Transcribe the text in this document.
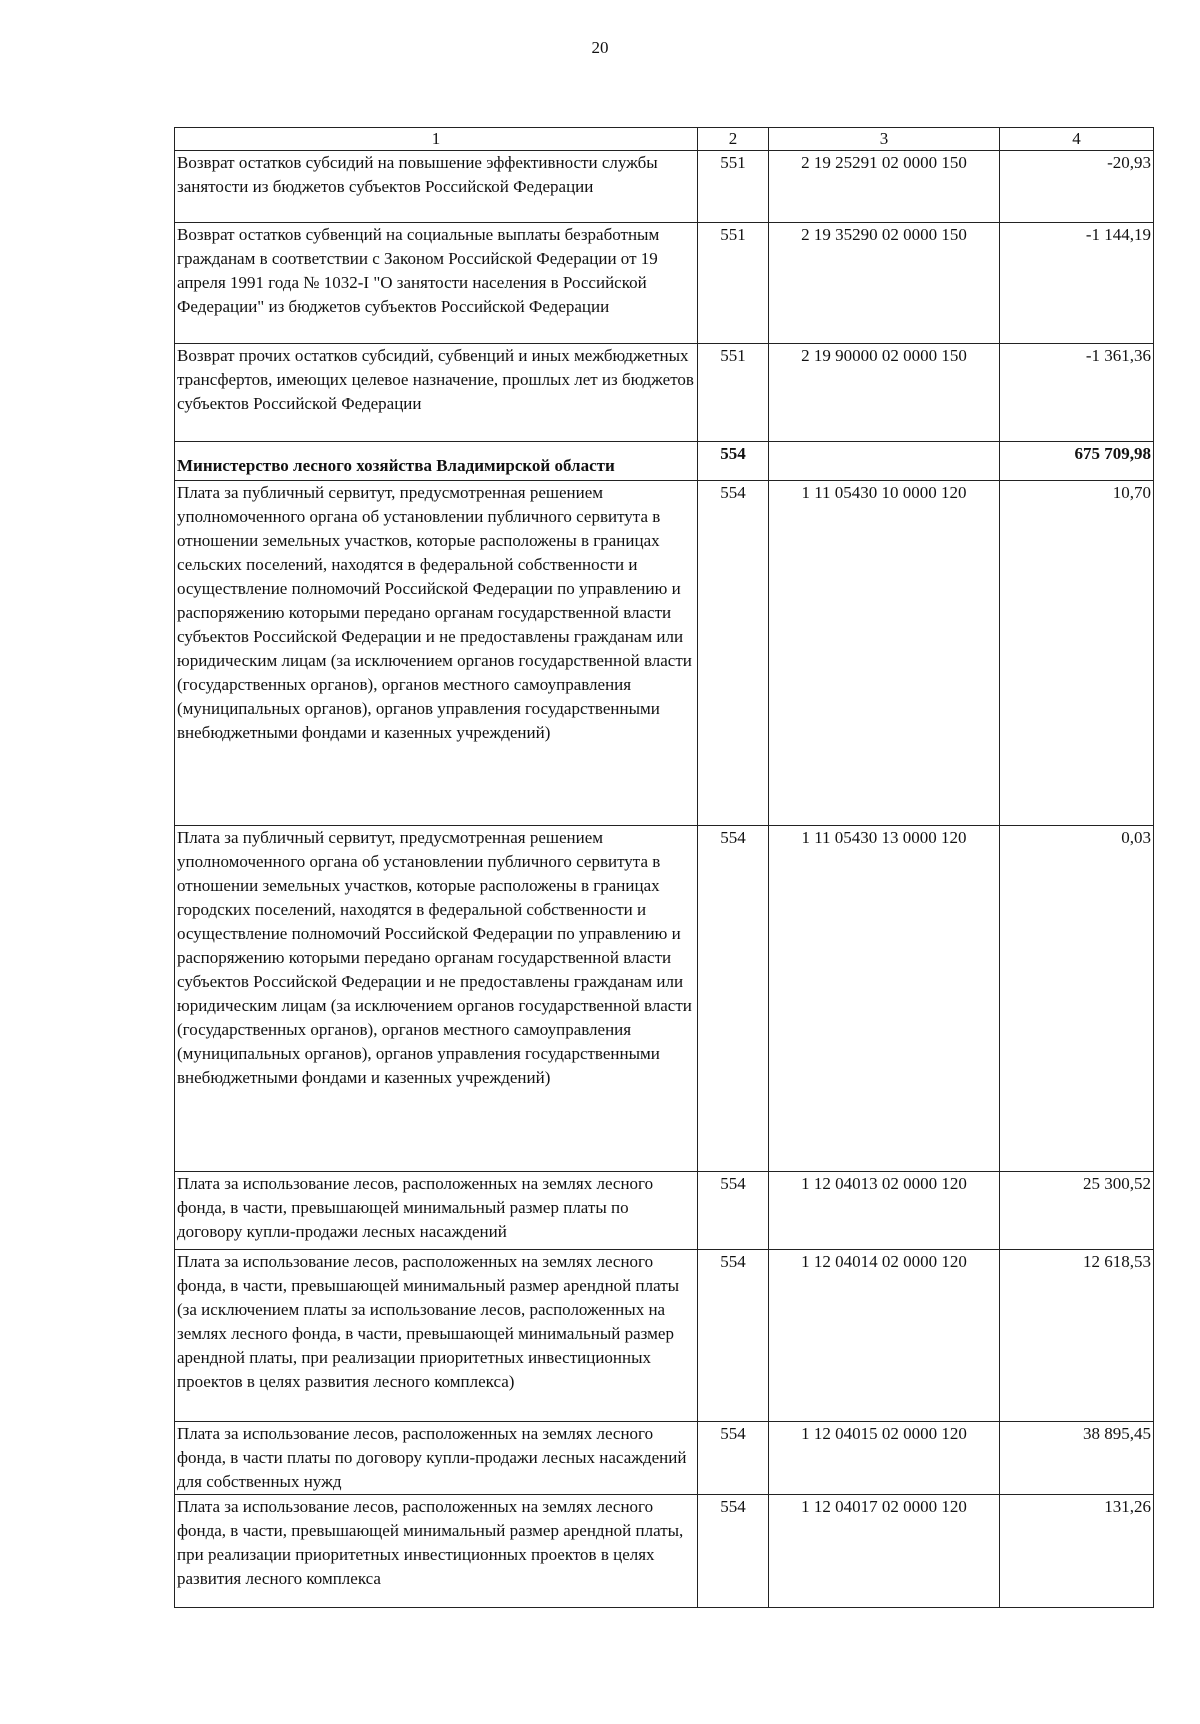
20
1	2	3	4
Возврат остатков субсидий на повышение эффективности службы занятости из бюджетов субъектов Российской Федерации	551	2 19 25291 02 0000 150	-20,93
Возврат остатков субвенций на социальные выплаты безработным гражданам в соответствии с Законом Российской Федерации от 19 апреля 1991 года № 1032-I "О занятости населения в Российской Федерации" из бюджетов субъектов Российской Федерации	551	2 19 35290 02 0000 150	-1 144,19
Возврат прочих остатков субсидий, субвенций и иных межбюджетных трансфертов, имеющих целевое назначение, прошлых лет из бюджетов субъектов Российской Федерации	551	2 19 90000 02 0000 150	-1 361,36
Министерство лесного хозяйства Владимирской области	554		675 709,98
Плата за публичный сервитут, предусмотренная решением уполномоченного органа об установлении публичного сервитута в отношении земельных участков, которые расположены в границах сельских поселений, находятся в федеральной собственности и осуществление полномочий Российской Федерации по управлению и распоряжению которыми передано органам государственной власти субъектов Российской Федерации и не предоставлены гражданам или юридическим лицам (за исключением органов государственной власти (государственных органов), органов местного самоуправления (муниципальных органов), органов управления государственными внебюджетными фондами и казенных учреждений)	554	1 11 05430 10 0000 120	10,70
Плата за публичный сервитут, предусмотренная решением уполномоченного органа об установлении публичного сервитута в отношении земельных участков, которые расположены в границах городских поселений, находятся в федеральной собственности и осуществление полномочий Российской Федерации по управлению и распоряжению которыми передано органам государственной власти субъектов Российской Федерации и не предоставлены гражданам или юридическим лицам (за исключением органов государственной власти (государственных органов), органов местного самоуправления (муниципальных органов), органов управления государственными внебюджетными фондами и казенных учреждений)	554	1 11 05430 13 0000 120	0,03
Плата за использование лесов, расположенных на землях лесного фонда, в части, превышающей минимальный размер платы по договору купли-продажи лесных насаждений	554	1 12 04013 02 0000 120	25 300,52
Плата за использование лесов, расположенных на землях лесного фонда, в части, превышающей минимальный размер арендной платы (за исключением платы за использование лесов, расположенных на землях лесного фонда, в части, превышающей минимальный размер арендной платы, при реализации приоритетных инвестиционных проектов в целях развития лесного комплекса)	554	1 12 04014 02 0000 120	12 618,53
Плата за использование лесов, расположенных на землях лесного фонда, в части платы по договору купли-продажи лесных насаждений для собственных нужд	554	1 12 04015 02 0000 120	38 895,45
Плата за использование лесов, расположенных на землях лесного фонда, в части, превышающей минимальный размер арендной платы, при реализации приоритетных инвестиционных проектов в целях развития лесного комплекса	554	1 12 04017 02 0000 120	131,26
